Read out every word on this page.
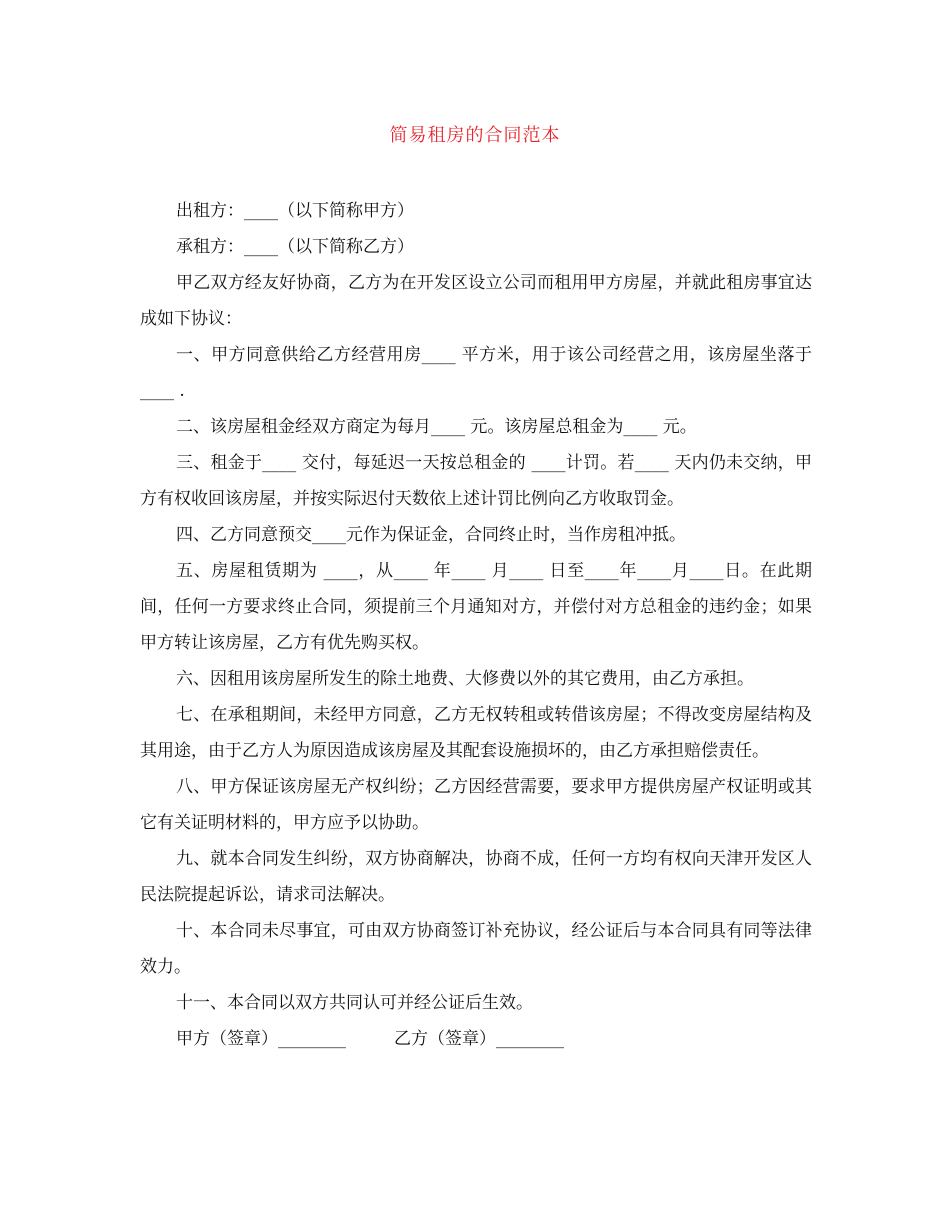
简易租房的合同范本

出租方：____（以下简称甲方）

承租方：____（以下简称乙方）

甲乙双方经友好协商，乙方为在开发区设立公司而租用甲方房屋，并就此租房事宜达成如下协议：

一、甲方同意供给乙方经营用房____ 平方米，用于该公司经营之用，该房屋坐落于____ .

二、该房屋租金经双方商定为每月____ 元。该房屋总租金为____ 元。

三、租金于____ 交付，每延迟一天按总租金的 ____计罚。若____ 天内仍未交纳，甲方有权收回该房屋，并按实际迟付天数依上述计罚比例向乙方收取罚金。

四、乙方同意预交____元作为保证金，合同终止时，当作房租冲抵。

五、房屋租赁期为 ____，从____ 年____ 月____ 日至____年____月____日。在此期间，任何一方要求终止合同，须提前三个月通知对方，并偿付对方总租金的违约金；如果甲方转让该房屋，乙方有优先购买权。

六、因租用该房屋所发生的除土地费、大修费以外的其它费用，由乙方承担。

七、在承租期间，未经甲方同意，乙方无权转租或转借该房屋；不得改变房屋结构及其用途，由于乙方人为原因造成该房屋及其配套设施损坏的，由乙方承担赔偿责任。

八、甲方保证该房屋无产权纠纷；乙方因经营需要，要求甲方提供房屋产权证明或其它有关证明材料的，甲方应予以协助。

九、就本合同发生纠纷，双方协商解决，协商不成，任何一方均有权向天津开发区人民法院提起诉讼，请求司法解决。

十、本合同未尽事宜，可由双方协商签订补充协议，经公证后与本合同具有同等法律效力。

十一、本合同以双方共同认可并经公证后生效。

甲方（签章）________	乙方（签章）________
